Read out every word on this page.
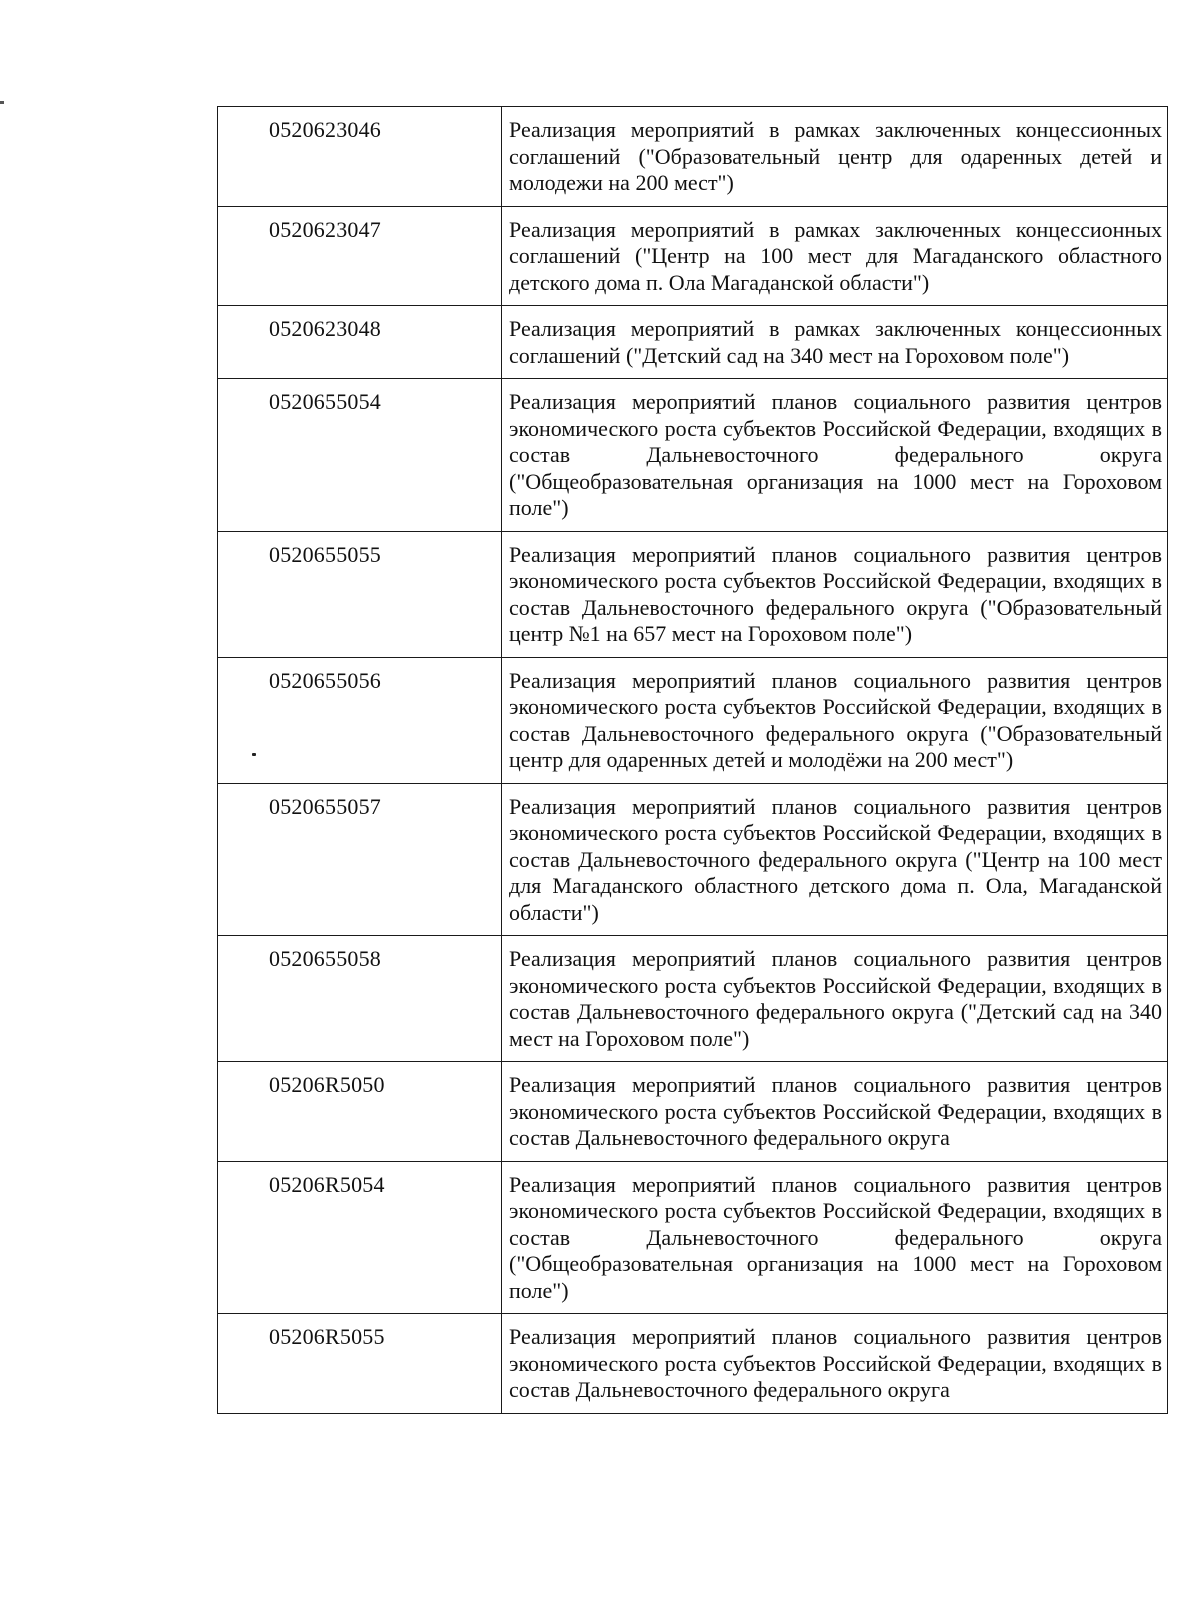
0520623046	Реализация мероприятий в рамках заключенных концессионных соглашений ("Образовательный центр для одаренных детей и молодежи на 200 мест")
0520623047	Реализация мероприятий в рамках заключенных концессионных соглашений ("Центр на 100 мест для Магаданского областного детского дома п. Ола Магаданской области")
0520623048	Реализация мероприятий в рамках заключенных концессионных соглашений ("Детский сад на 340 мест на Гороховом поле")
0520655054	Реализация мероприятий планов социального развития центров экономического роста субъектов Российской Федерации, входящих в состав Дальневосточного федерального округа ("Общеобразовательная организация на 1000 мест на Гороховом поле")
0520655055	Реализация мероприятий планов социального развития центров экономического роста субъектов Российской Федерации, входящих в состав Дальневосточного федерального округа ("Образовательный центр №1 на 657 мест на Гороховом поле")
0520655056	Реализация мероприятий планов социального развития центров экономического роста субъектов Российской Федерации, входящих в состав Дальневосточного федерального округа ("Образовательный центр для одаренных детей и молодёжи на 200 мест")
0520655057	Реализация мероприятий планов социального развития центров экономического роста субъектов Российской Федерации, входящих в состав Дальневосточного федерального округа ("Центр на 100 мест для Магаданского областного детского дома п. Ола, Магаданской области")
0520655058	Реализация мероприятий планов социального развития центров экономического роста субъектов Российской Федерации, входящих в состав Дальневосточного федерального округа ("Детский сад на 340 мест на Гороховом поле")
05206R5050	Реализация мероприятий планов социального развития центров экономического роста субъектов Российской Федерации, входящих в состав Дальневосточного федерального округа
05206R5054	Реализация мероприятий планов социального развития центров экономического роста субъектов Российской Федерации, входящих в состав Дальневосточного федерального округа ("Общеобразовательная организация на 1000 мест на Гороховом поле")
05206R5055	Реализация мероприятий планов социального развития центров экономического роста субъектов Российской Федерации, входящих в состав Дальневосточного федерального округа
